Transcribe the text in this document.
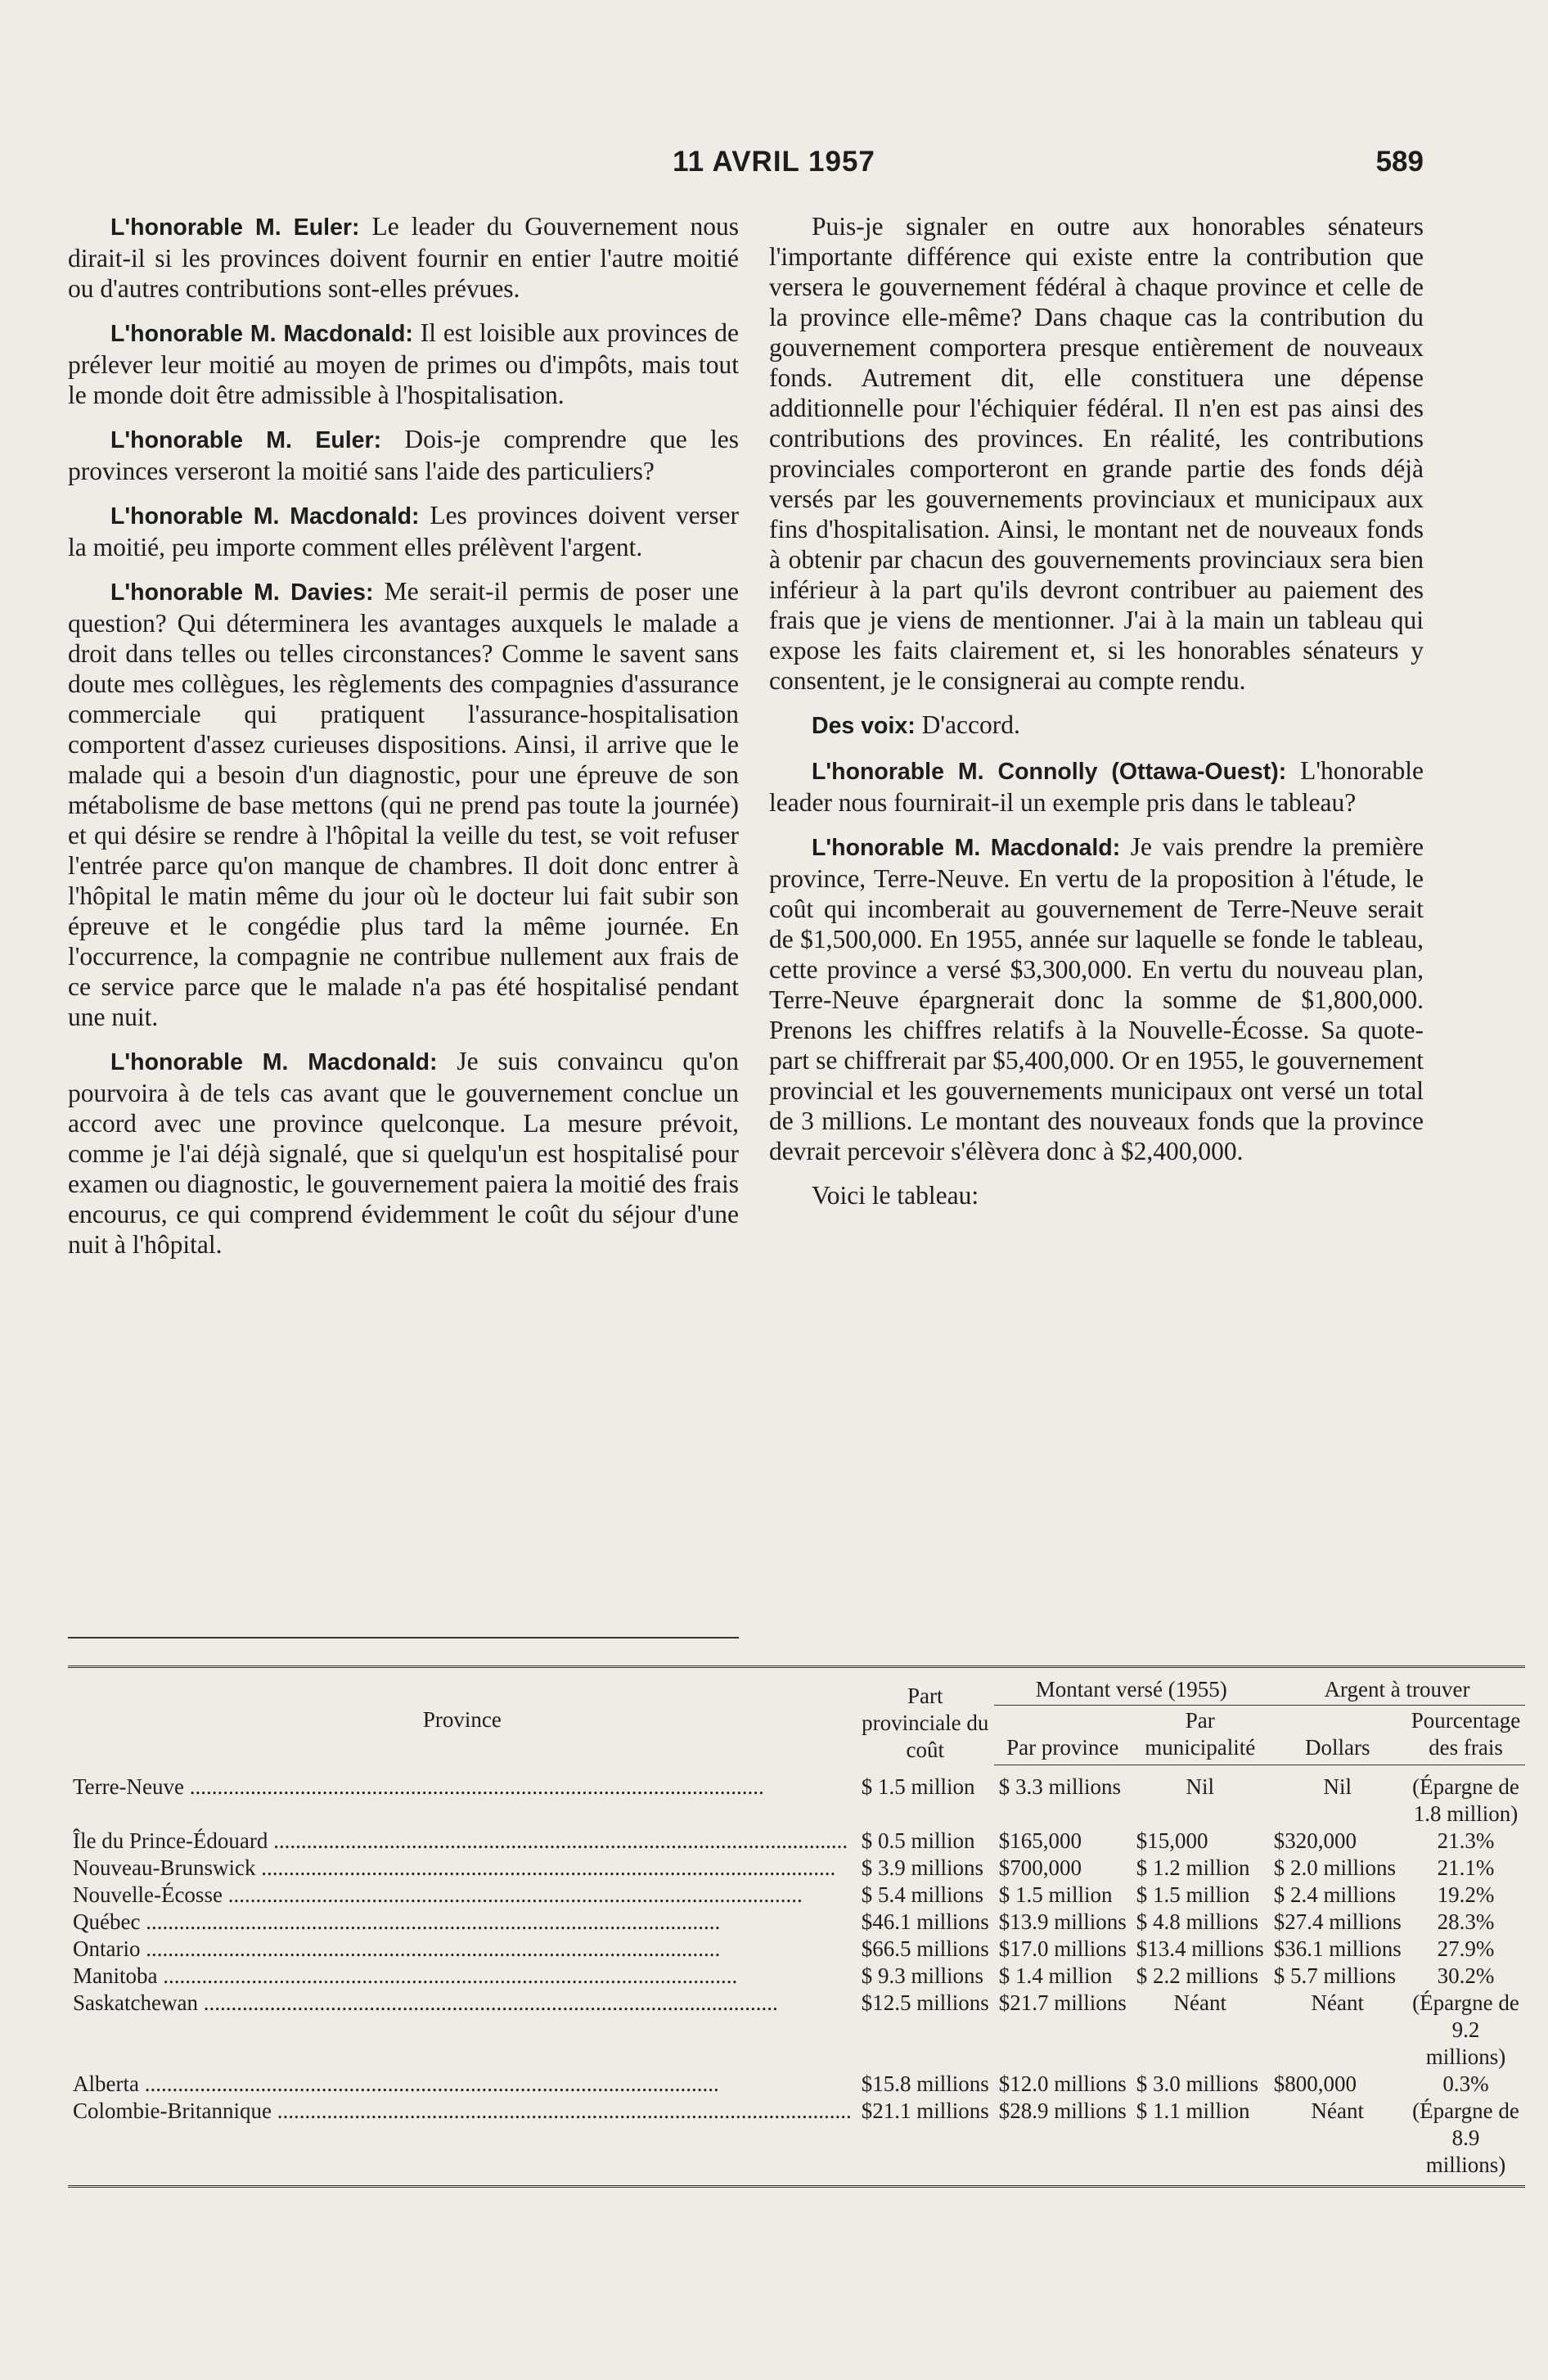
11 AVRIL 1957	589

L'honorable M. Euler: Le leader du Gouvernement nous dirait-il si les provinces doivent fournir en entier l'autre moitié ou d'autres contributions sont-elles prévues.

L'honorable M. Macdonald: Il est loisible aux provinces de prélever leur moitié au moyen de primes ou d'impôts, mais tout le monde doit être admissible à l'hospitalisation.

L'honorable M. Euler: Dois-je comprendre que les provinces verseront la moitié sans l'aide des particuliers?

L'honorable M. Macdonald: Les provinces doivent verser la moitié, peu importe comment elles prélèvent l'argent.

L'honorable M. Davies: Me serait-il permis de poser une question? Qui déterminera les avantages auxquels le malade a droit dans telles ou telles circonstances? Comme le savent sans doute mes collègues, les règlements des compagnies d'assurance commerciale qui pratiquent l'assurance-hospitalisation comportent d'assez curieuses dispositions. Ainsi, il arrive que le malade qui a besoin d'un diagnostic, pour une épreuve de son métabolisme de base mettons (qui ne prend pas toute la journée) et qui désire se rendre à l'hôpital la veille du test, se voit refuser l'entrée parce qu'on manque de chambres. Il doit donc entrer à l'hôpital le matin même du jour où le docteur lui fait subir son épreuve et le congédie plus tard la même journée. En l'occurrence, la compagnie ne contribue nullement aux frais de ce service parce que le malade n'a pas été hospitalisé pendant une nuit.

L'honorable M. Macdonald: Je suis convaincu qu'on pourvoira à de tels cas avant que le gouvernement conclue un accord avec une province quelconque. La mesure prévoit, comme je l'ai déjà signalé, que si quelqu'un est hospitalisé pour examen ou diagnostic, le gouvernement paiera la moitié des frais encourus, ce qui comprend évidemment le coût du séjour d'une nuit à l'hôpital.

Puis-je signaler en outre aux honorables sénateurs l'importante différence qui existe entre la contribution que versera le gouvernement fédéral à chaque province et celle de la province elle-même? Dans chaque cas la contribution du gouvernement comportera presque entièrement de nouveaux fonds. Autrement dit, elle constituera une dépense additionnelle pour l'échiquier fédéral. Il n'en est pas ainsi des contributions des provinces. En réalité, les contributions provinciales comporteront en grande partie des fonds déjà versés par les gouvernements provinciaux et municipaux aux fins d'hospitalisation. Ainsi, le montant net de nouveaux fonds à obtenir par chacun des gouvernements provinciaux sera bien inférieur à la part qu'ils devront contribuer au paiement des frais que je viens de mentionner. J'ai à la main un tableau qui expose les faits clairement et, si les honorables sénateurs y consentent, je le consignerai au compte rendu.

Des voix: D'accord.

L'honorable M. Connolly (Ottawa-Ouest): L'honorable leader nous fournirait-il un exemple pris dans le tableau?

L'honorable M. Macdonald: Je vais prendre la première province, Terre-Neuve. En vertu de la proposition à l'étude, le coût qui incomberait au gouvernement de Terre-Neuve serait de $1,500,000. En 1955, année sur laquelle se fonde le tableau, cette province a versé $3,300,000. En vertu du nouveau plan, Terre-Neuve épargnerait donc la somme de $1,800,000. Prenons les chiffres relatifs à la Nouvelle-Écosse. Sa quote-part se chiffrerait par $5,400,000. Or en 1955, le gouvernement provincial et les gouvernements municipaux ont versé un total de 3 millions. Le montant des nouveaux fonds que la province devrait percevoir s'élèvera donc à $2,400,000.

Voici le tableau:

Province	Part provinciale du coût	Montant versé (1955)		Argent à trouver	
		Par province	Par municipalité	Dollars	Pourcentage des frais

Terre-Neuve .....	$ 1.5 million	$ 3.3 millions	Nil	Nil	(Épargne de 1.8 million)

Île du Prince-Édouard .....	$ 0.5 million	$165,000	$15,000	$320,000	21.3%

Nouveau-Brunswick .....	$ 3.9 millions	$700,000	$ 1.2 million	$ 2.0 millions	21.1%

Nouvelle-Écosse .....	$ 5.4 millions	$ 1.5 million	$ 1.5 million	$ 2.4 millions	19.2%

Québec .....	$46.1 millions	$13.9 millions	$ 4.8 millions	$27.4 millions	28.3%

Ontario .....	$66.5 millions	$17.0 millions	$13.4 millions	$36.1 millions	27.9%

Manitoba .....	$ 9.3 millions	$ 1.4 million	$ 2.2 millions	$ 5.7 millions	30.2%

Saskatchewan .....	$12.5 millions	$21.7 millions	Néant	Néant	(Épargne de 9.2 millions)

Alberta .....	$15.8 millions	$12.0 millions	$ 3.0 millions	$800,000	0.3%

Colombie-Britannique .....	$21.1 millions	$28.9 millions	$ 1.1 million	Néant	(Épargne de 8.9 millions)
